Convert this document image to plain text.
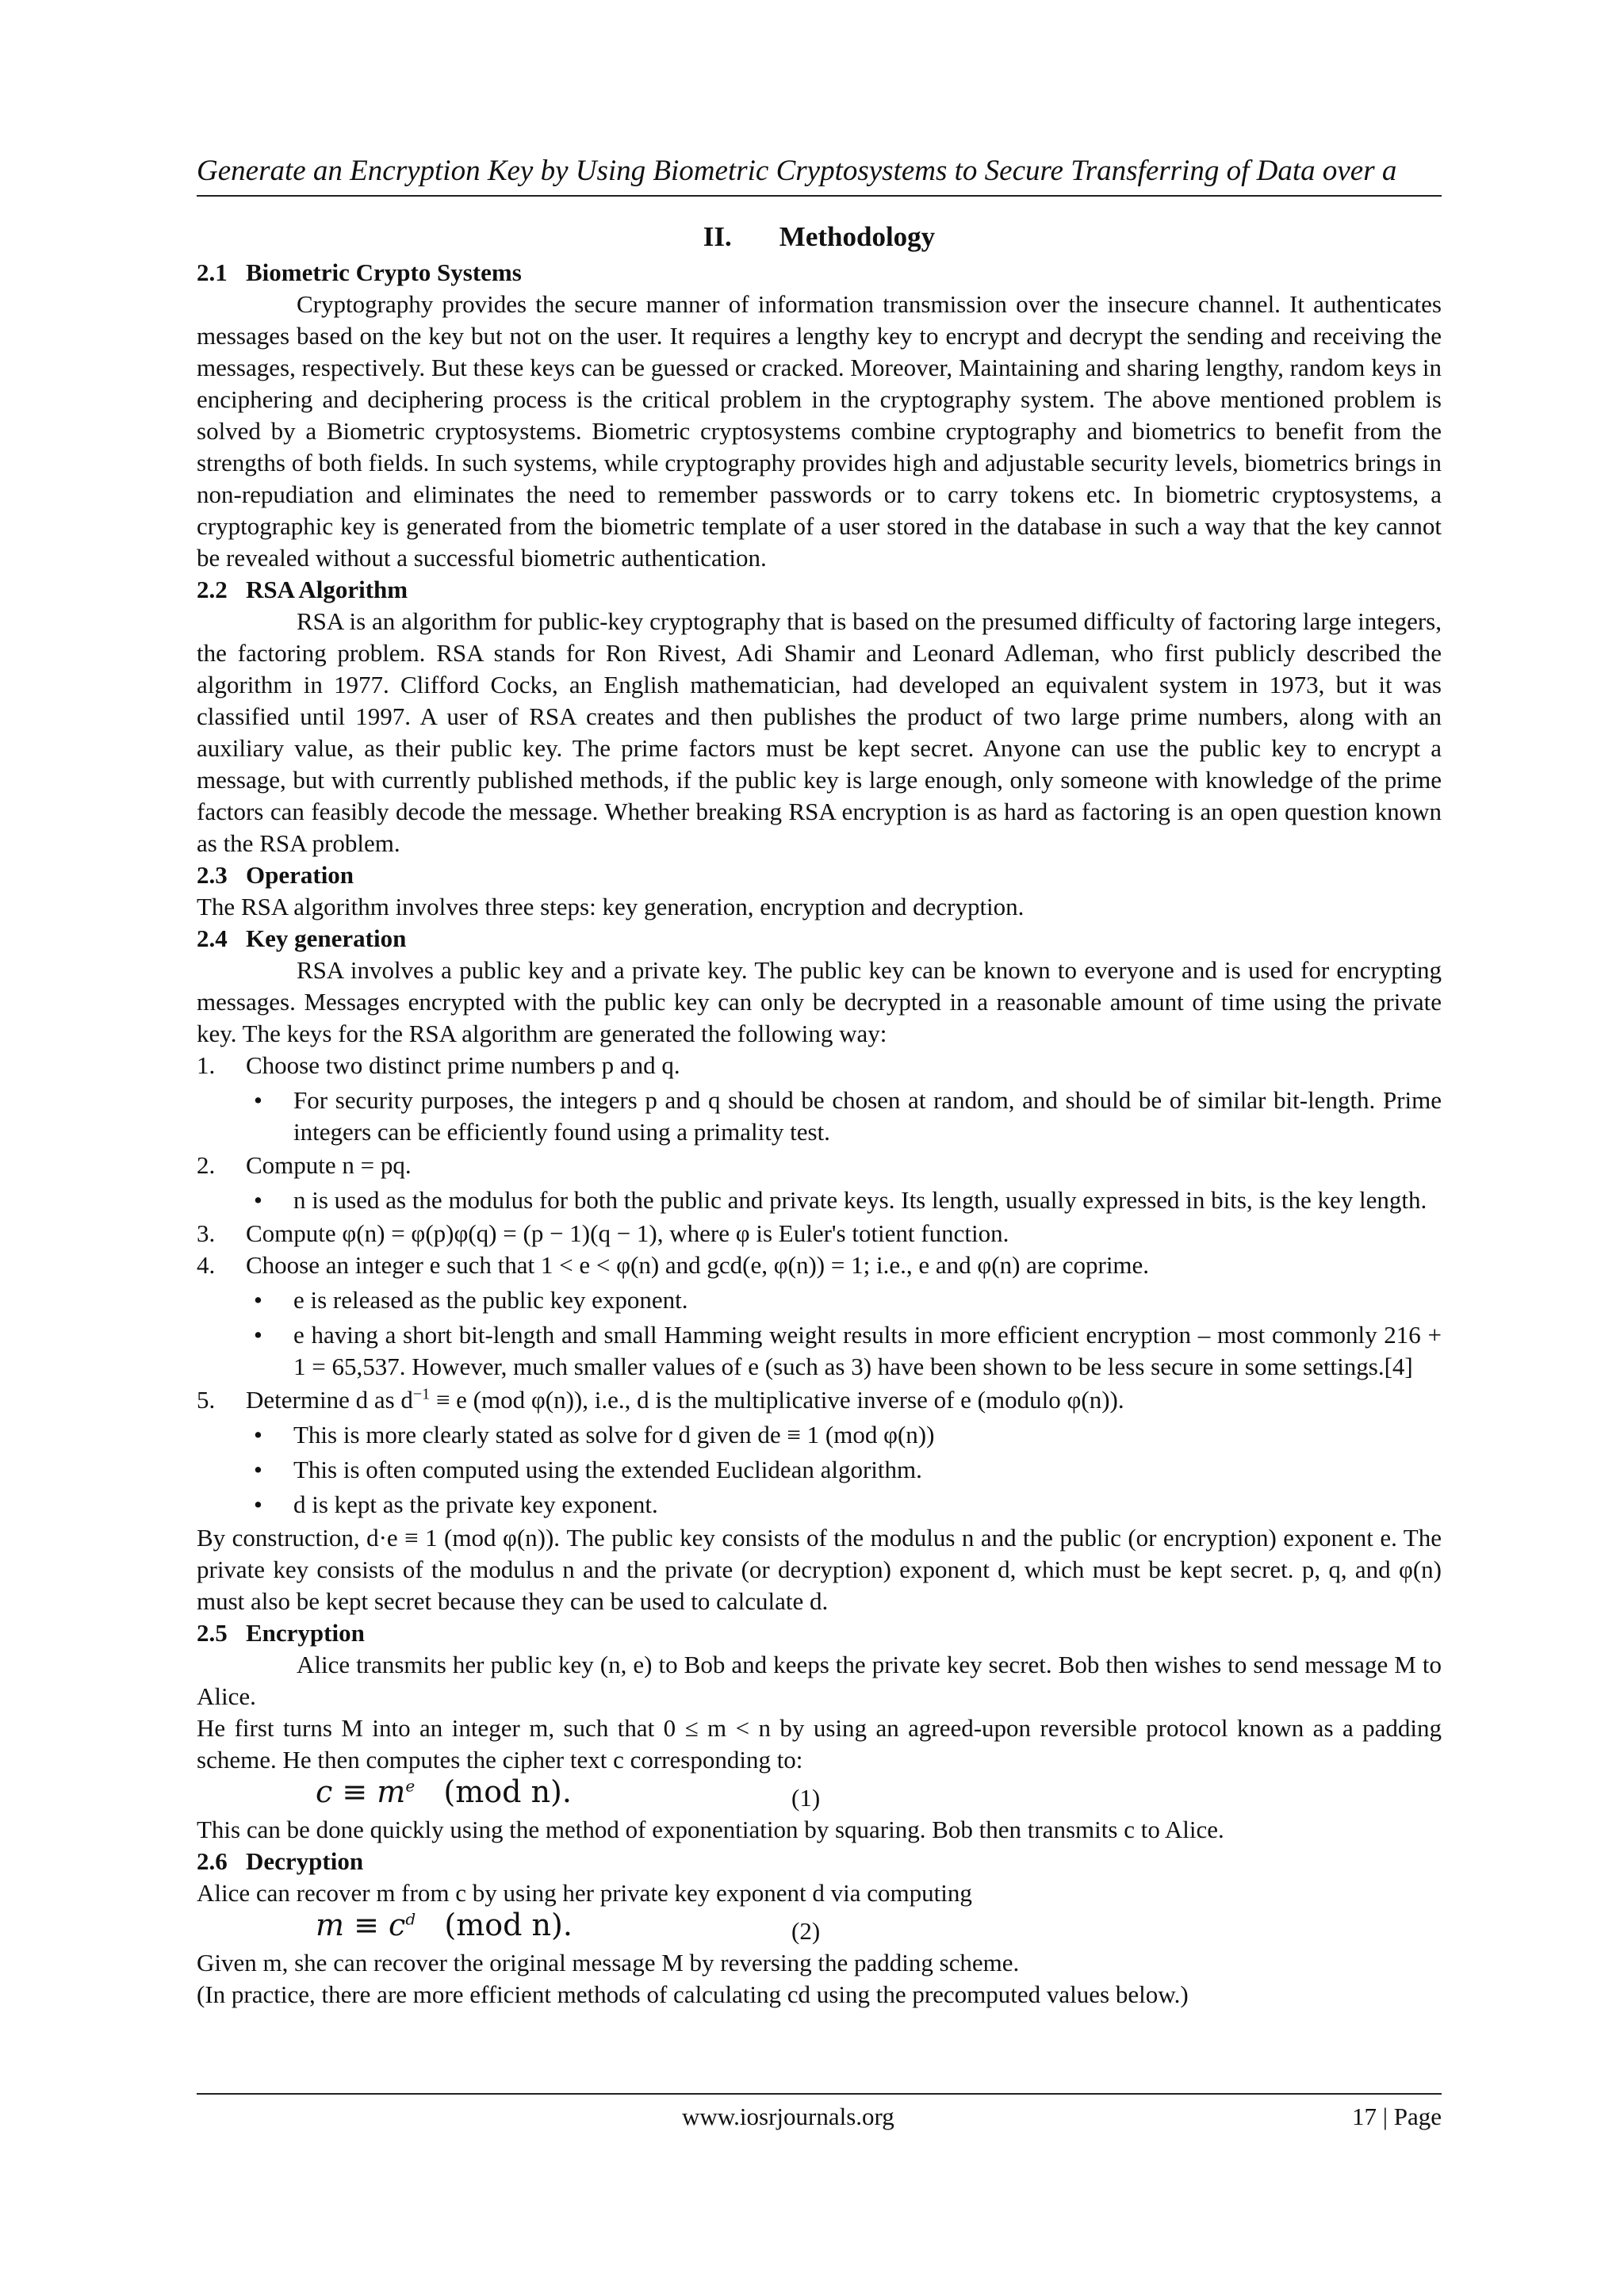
Generate an Encryption Key by Using Biometric Cryptosystems to Secure Transferring of Data over a
II. Methodology
2.1 Biometric Crypto Systems

Cryptography provides the secure manner of information transmission over the insecure channel. It authenticates messages based on the key but not on the user. It requires a lengthy key to encrypt and decrypt the sending and receiving the messages, respectively. But these keys can be guessed or cracked. Moreover, Maintaining and sharing lengthy, random keys in enciphering and deciphering process is the critical problem in the cryptography system. The above mentioned problem is solved by a Biometric cryptosystems. Biometric cryptosystems combine cryptography and biometrics to benefit from the strengths of both fields. In such systems, while cryptography provides high and adjustable security levels, biometrics brings in non-repudiation and eliminates the need to remember passwords or to carry tokens etc. In biometric cryptosystems, a cryptographic key is generated from the biometric template of a user stored in the database in such a way that the key cannot be revealed without a successful biometric authentication.

2.2 RSA Algorithm

RSA is an algorithm for public-key cryptography that is based on the presumed difficulty of factoring large integers, the factoring problem. RSA stands for Ron Rivest, Adi Shamir and Leonard Adleman, who first publicly described the algorithm in 1977. Clifford Cocks, an English mathematician, had developed an equivalent system in 1973, but it was classified until 1997. A user of RSA creates and then publishes the product of two large prime numbers, along with an auxiliary value, as their public key. The prime factors must be kept secret. Anyone can use the public key to encrypt a message, but with currently published methods, if the public key is large enough, only someone with knowledge of the prime factors can feasibly decode the message. Whether breaking RSA encryption is as hard as factoring is an open question known as the RSA problem.

2.3 Operation

The RSA algorithm involves three steps: key generation, encryption and decryption.

2.4 Key generation

RSA involves a public key and a private key. The public key can be known to everyone and is used for encrypting messages. Messages encrypted with the public key can only be decrypted in a reasonable amount of time using the private key. The keys for the RSA algorithm are generated the following way:

1. Choose two distinct prime numbers p and q.
• For security purposes, the integers p and q should be chosen at random, and should be of similar bit-length. Prime integers can be efficiently found using a primality test.
2. Compute n = pq.
• n is used as the modulus for both the public and private keys. Its length, usually expressed in bits, is the key length.
3. Compute φ(n) = φ(p)φ(q) = (p − 1)(q − 1), where φ is Euler's totient function.
4. Choose an integer e such that 1 < e < φ(n) and gcd(e, φ(n)) = 1; i.e., e and φ(n) are coprime.
• e is released as the public key exponent.
• e having a short bit-length and small Hamming weight results in more efficient encryption – most commonly 216 + 1 = 65,537. However, much smaller values of e (such as 3) have been shown to be less secure in some settings.[4]
5. Determine d as $d^{-1} \equiv e$ (mod φ(n)), i.e., d is the multiplicative inverse of e (modulo φ(n)).
• This is more clearly stated as solve for d given de ≡ 1 (mod φ(n))
• This is often computed using the extended Euclidean algorithm.
• d is kept as the private key exponent.

By construction, d·e ≡ 1 (mod φ(n)). The public key consists of the modulus n and the public (or encryption) exponent e. The private key consists of the modulus n and the private (or decryption) exponent d, which must be kept secret. p, q, and φ(n) must also be kept secret because they can be used to calculate d.

2.5 Encryption

Alice transmits her public key (n, e) to Bob and keeps the private key secret. Bob then wishes to send message M to Alice.

He first turns M into an integer m, such that 0 ≤ m < n by using an agreed-upon reversible protocol known as a padding scheme. He then computes the cipher text c corresponding to:

$c \equiv m^e$ (mod n).	(1)

This can be done quickly using the method of exponentiation by squaring. Bob then transmits c to Alice.

2.6 Decryption

Alice can recover m from c by using her private key exponent d via computing

$m \equiv c^d$ (mod n).	(2)

Given m, she can recover the original message M by reversing the padding scheme.

(In practice, there are more efficient methods of calculating cd using the precomputed values below.)

www.iosrjournals.org	17 | Page
